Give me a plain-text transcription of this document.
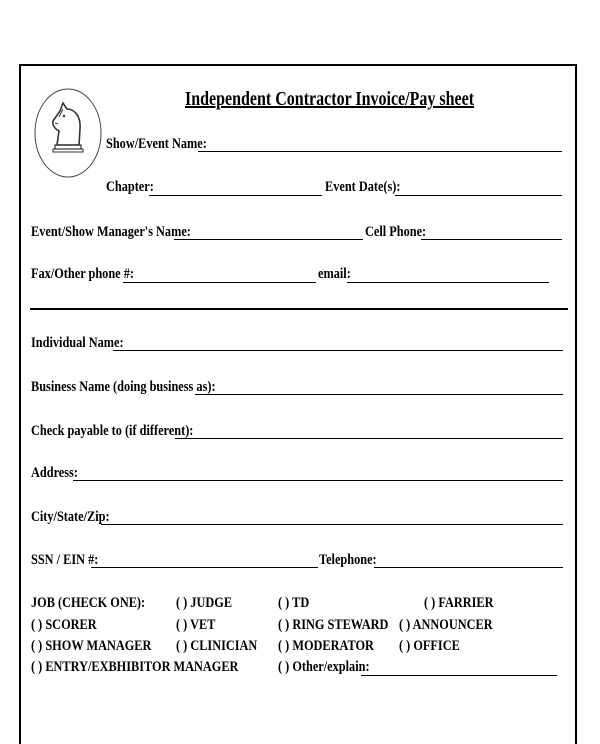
Independent Contractor Invoice/Pay sheet
Show/Event Name:
Chapter:	Event Date(s):
Event/Show Manager's Name:	Cell Phone:
Fax/Other phone #:	email:
Individual Name:
Business Name (doing business as):
Check payable to (if different):
Address:
City/State/Zip:
SSN / EIN #:	Telephone:
JOB (CHECK ONE): ( ) JUDGE	( ) TD	( ) FARRIER
( ) SCORER	( ) VET	( ) RING STEWARD ( ) ANNOUNCER
( ) SHOW MANAGER ( ) CLINICIAN ( ) MODERATOR ( ) OFFICE
( ) ENTRY/EXBHIBITOR MANAGER	( ) Other/explain:
